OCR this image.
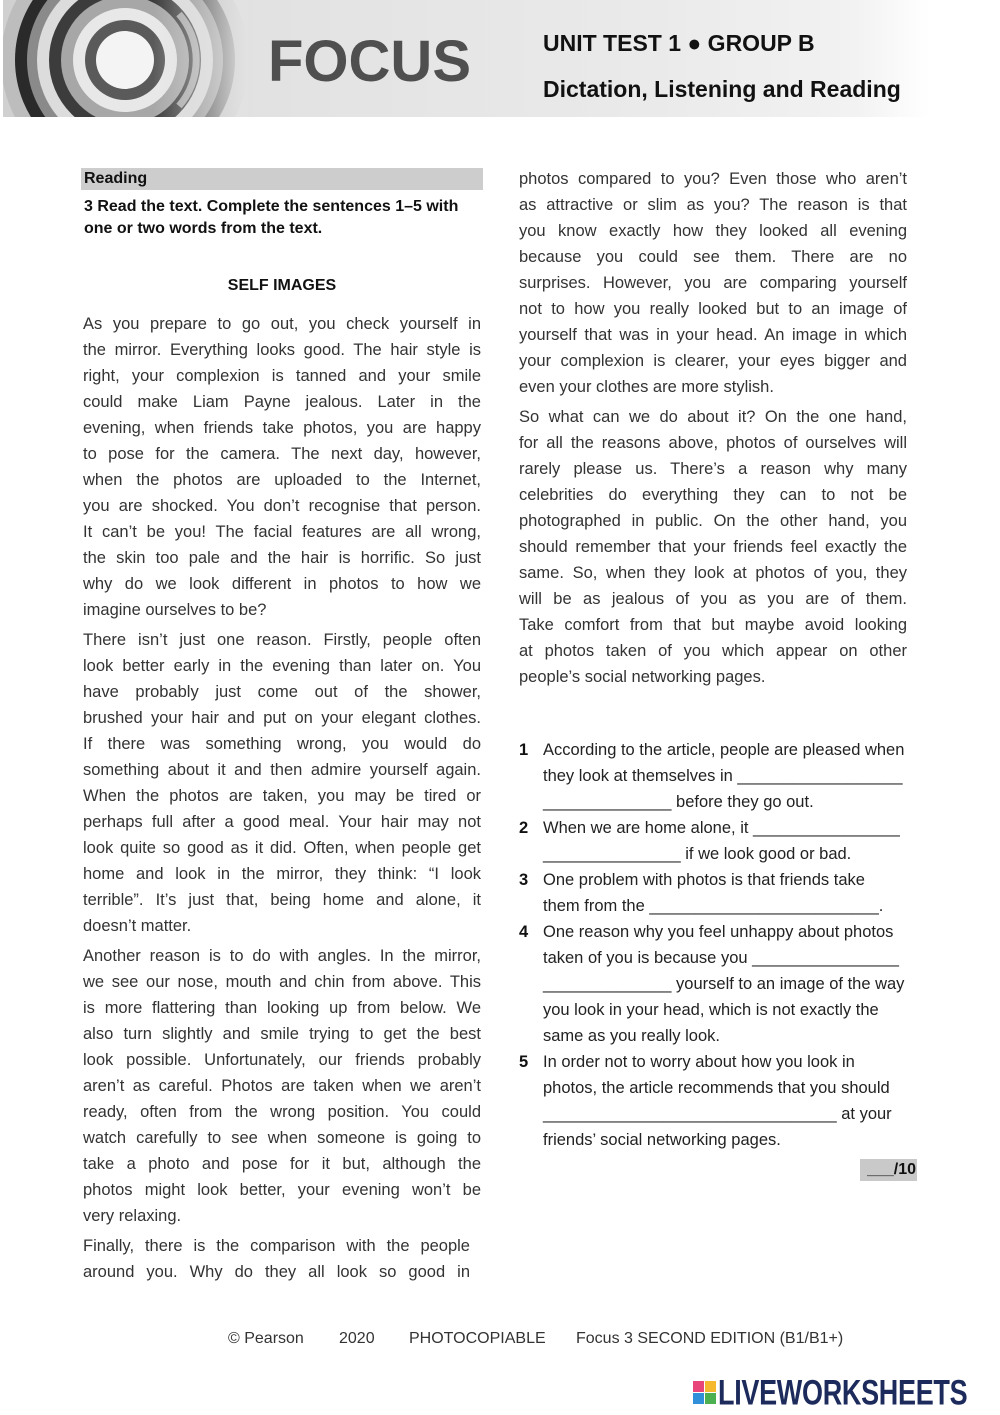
FOCUS	UNIT TEST 1 ● GROUP B
Dictation, Listening and Reading
Reading
3 Read the text. Complete the sentences 1–5 with
one or two words from the text.
SELF IMAGES
As you prepare to go out, you check yourself in
the mirror. Everything looks good. The hair style is
right, your complexion is tanned and your smile
could make Liam Payne jealous. Later in the
evening, when friends take photos, you are happy
to pose for the camera. The next day, however,
when the photos are uploaded to the Internet,
you are shocked. You don’t recognise that person.
It can’t be you! The facial features are all wrong,
the skin too pale and the hair is horrific. So just
why do we look different in photos to how we
imagine ourselves to be?
There isn’t just one reason. Firstly, people often
look better early in the evening than later on. You
have probably just come out of the shower,
brushed your hair and put on your elegant clothes.
If there was something wrong, you would do
something about it and then admire yourself again.
When the photos are taken, you may be tired or
perhaps full after a good meal. Your hair may not
look quite so good as it did. Often, when people get
home and look in the mirror, they think: “I look
terrible”. It’s just that, being home and alone, it
doesn’t matter.
Another reason is to do with angles. In the mirror,
we see our nose, mouth and chin from above. This
is more flattering than looking up from below. We
also turn slightly and smile trying to get the best
look possible. Unfortunately, our friends probably
aren’t as careful. Photos are taken when we aren’t
ready, often from the wrong position. You could
watch carefully to see when someone is going to
take a photo and pose for it but, although the
photos might look better, your evening won’t be
very relaxing.
Finally, there is the comparison with the people
around you. Why do they all look so good in
photos compared to you? Even those who aren’t
as attractive or slim as you? The reason is that
you know exactly how they looked all evening
because you could see them. There are no
surprises. However, you are comparing yourself
not to how you really looked but to an image of
yourself that was in your head. An image in which
your complexion is clearer, your eyes bigger and
even your clothes are more stylish.
So what can we do about it? On the one hand,
for all the reasons above, photos of ourselves will
rarely please us. There’s a reason why many
celebrities do everything they can to not be
photographed in public. On the other hand, you
should remember that your friends feel exactly the
same. So, when they look at photos of you, they
will be as jealous of you as you are of them.
Take comfort from that but maybe avoid looking
at photos taken of you which appear on other
people’s social networking pages.
1 According to the article, people are pleased when
they look at themselves in __________________
______________ before they go out.
2 When we are home alone, it ________________
_______________ if we look good or bad.
3 One problem with photos is that friends take
them from the _________________________.
4 One reason why you feel unhappy about photos
taken of you is because you ________________
______________ yourself to an image of the way
you look in your head, which is not exactly the
same as you really look.
5 In order not to worry about how you look in
photos, the article recommends that you should
________________________________ at your
friends’ social networking pages.
___/10
© Pearson 2020 PHOTOCOPIABLE Focus 3 SECOND EDITION (B1/B1+)
LIVEWORKSHEETS
